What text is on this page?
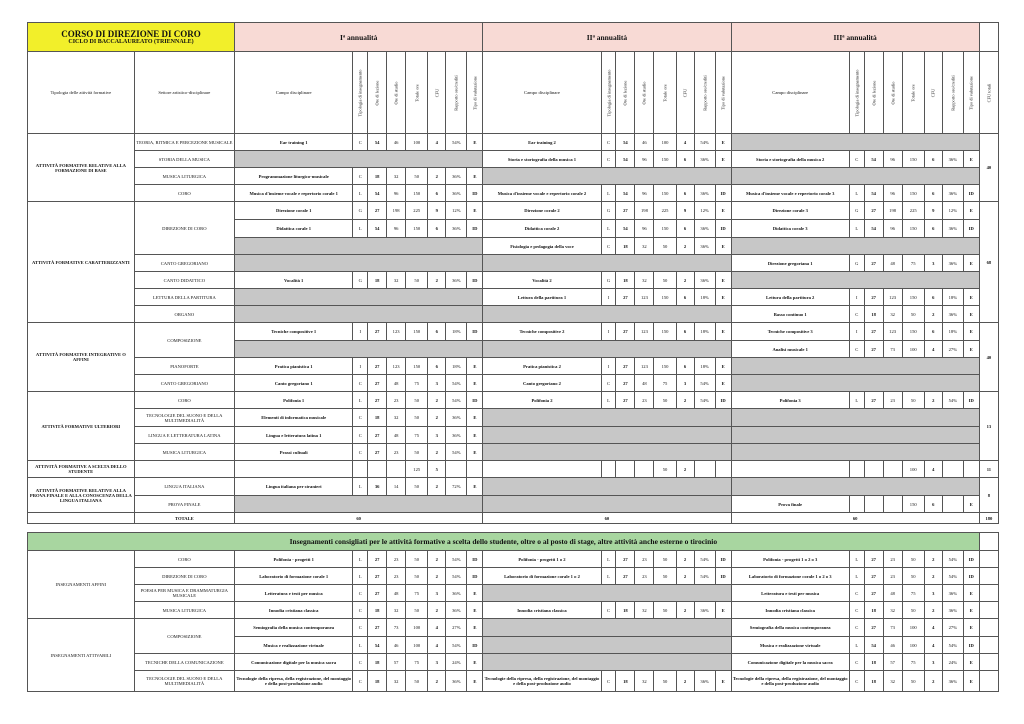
CORSO DI DIREZIONE DI CORO
CICLO DI BACCALAUREATO (TRIENNALE)		Iª annualità								IIª annualità								IIIª annualità								
Tipologia delle attività formative	Settore artistico-disciplinare	Campo disciplinare	Tipologia di insegnamento	Ore di lezione	Ore di studio	Totale ore	CFU	Rapporto ore/crediti	Tipo di valutazione	Campo disciplinare	Tipologia di insegnamento	Ore di lezione	Ore di studio	Totale ore	CFU	Rapporto ore/crediti	Tipo di valutazione	Campo disciplinare	Tipologia di insegnamento	Ore di lezione	Ore di studio	Totale ore	CFU	Rapporto ore/crediti	Tipo di valutazione	CFU totali

ATTIVITÀ FORMATIVE RELATIVE ALLA FORMAZIONE DI BASE	TEORIA, RITMICA E PERCEZIONE MUSICALE	Ear training 1	C	54	46	100	4	54%	E	Ear training 2	C	54	46	100	4	54%	E									40
	STORIA DELLA MUSICA									Storia e storiografia della musica 1	C	54	96	150	6	36%	E	Storia e storiografia della musica 2	C	54	96	150	6	36%	E	
	MUSICA LITURGICA	Programmazione liturgico-musicale	C	18	32	50	2	36%	E																	
	CORO	Musica d'insieme vocale e repertorio corale 1	L	54	96	150	6	36%	ID	Musica d'insieme vocale e repertorio corale 2	L	54	96	150	6	36%	ID	Musica d'insieme vocale e repertorio corale 3	L	54	96	150	6	36%	ID	
ATTIVITÀ FORMATIVE CARATTERIZZANTI	DIREZIONE DI CORO	Direzione corale 1	G	27	198	225	9	12%	E	Direzione corale 2	G	27	198	225	9	12%	E	Direzione corale 3	G	27	198	225	9	12%	E	68
		Didattica corale 1	L	54	96	150	6	36%	ID	Didattica corale 2	L	54	96	150	6	36%	ID	Didattica corale 3	L	54	96	150	6	36%	ID	
										Fisiologia e pedagogia della voce	C	18	32	50	2	36%	E									
	CANTO GREGORIANO																	Direzione gregoriana 1	G	27	48	75	3	36%	E	
	CANTO DIDATTICO	Vocalità 1	G	18	32	50	2	36%	ID	Vocalità 2	G	18	32	50	2	36%	E									
	LETTURA DELLA PARTITURA									Lettura della partitura 1	I	27	123	150	6	18%	E	Lettura della partitura 2	I	27	123	150	6	18%	E	
	ORGANO																	Basso continuo 1	C	18	32	50	2	36%	E	
ATTIVITÀ FORMATIVE INTEGRATIVE O AFFINI	COMPOSIZIONE	Tecniche compositive 1	I	27	123	150	6	18%	ID	Tecniche compositive 2	I	27	123	150	6	18%	E	Tecniche compositive 3	I	27	123	150	6	18%	E	40
																		Analisi musicale 1	C	27	73	100	4	27%	E	
	PIANOFORTE	Pratica pianistica 1	I	27	123	150	6	18%	E	Pratica pianistica 2	I	27	123	150	6	18%	E									
	CANTO GREGORIANO	Canto gregoriano 1	C	27	48	75	3	54%	E	Canto gregoriano 2	C	27	48	75	3	54%	E									
ATTIVITÀ FORMATIVE ULTERIORI	CORO	Polifonia 1	L	27	23	50	2	54%	ID	Polifonia 2	L	27	23	50	2	54%	ID	Polifonia 3	L	27	23	50	2	54%	ID	13
	TECNOLOGIE DEL SUONO E DELLA MULTIMEDIALITÀ	Elementi di informatica musicale	C	18	32	50	2	36%	E																	
	LINGUA E LETTERATURA LATINA	Lingua e letteratura latina 1	C	27	48	75	3	36%	E																	
	MUSICA LITURGICA	Prassi cultuali	C	27	23	50	2	54%	E																	
ATTIVITÀ FORMATIVE A SCELTA DELLO STUDENTE						125	5							50	2							100	4			11
ATTIVITÀ FORMATIVE RELATIVE ALLA PROVA FINALE E ALLA CONOSCENZA DELLA LINGUA ITALIANA	LINGUA ITALIANA	Lingua italiana per stranieri	L	36	14	50	2	72%	E																	8
	PROVA FINALE																	Prova finale				150	6		E	
	TOTALE	60								60								60								180

Insegnamenti consigliati per le attività formative a scelta dello studente, oltre o al posto di stage, altre attività anche esterne o tirocinio																										
INSEGNAMENTI AFFINI	CORO	Polifonia - progetti 1	L	27	23	50	2	54%	ID	Polifonia - progetti 1 o 2	L	27	23	50	2	54%	ID	Polifonia - progetti 1 o 2 o 3	L	27	23	50	2	54%	ID	
	DIREZIONE DI CORO	Laboratorio di formazione corale 1	L	27	23	50	2	54%	ID	Laboratorio di formazione corale 1 o 2	L	27	23	50	2	54%	ID	Laboratorio di formazione corale 1 o 2 o 3	L	27	23	50	2	54%	ID	
	POESIA PER MUSICA E DRAMMATURGIA MUSICALE	Letteratura e testi per musica	C	27	48	75	3	36%	E									Letteratura e testi per musica	C	27	48	75	3	36%	E	
	MUSICA LITURGICA	Innodia cristiana classica	C	18	32	50	2	36%	E	Innodia cristiana classica	C	18	32	50	2	36%	E	Innodia cristiana classica	C	18	32	50	2	36%	E	
INSEGNAMENTI ATTIVABILI	COMPOSIZIONE	Semiografia della musica contemporanea	C	27	73	100	4	27%	E									Semiografia della musica contemporanea	C	27	73	100	4	27%	E	
		Musica e realizzazione virtuale	L	54	46	100	4	54%	ID									Musica e realizzazione virtuale	L	54	46	100	4	54%	ID	
	TECNICHE DELLA COMUNICAZIONE	Comunicazione digitale per la musica sacra	C	18	57	75	3	24%	E									Comunicazione digitale per la musica sacra	C	18	57	75	3	24%	E	
	TECNOLOGIE DEL SUONO E DELLA MULTIMEDIALITÀ	Tecnologie della ripresa, della registrazione, del montaggio e della post-produzione audio	C	18	32	50	2	36%	E	Tecnologie della ripresa, della registrazione, del montaggio e della post-produzione audio	C	18	32	50	2	36%	E	Tecnologie della ripresa, della registrazione, del montaggio e della post-produzione audio	C	18	32	50	2	36%	E	
